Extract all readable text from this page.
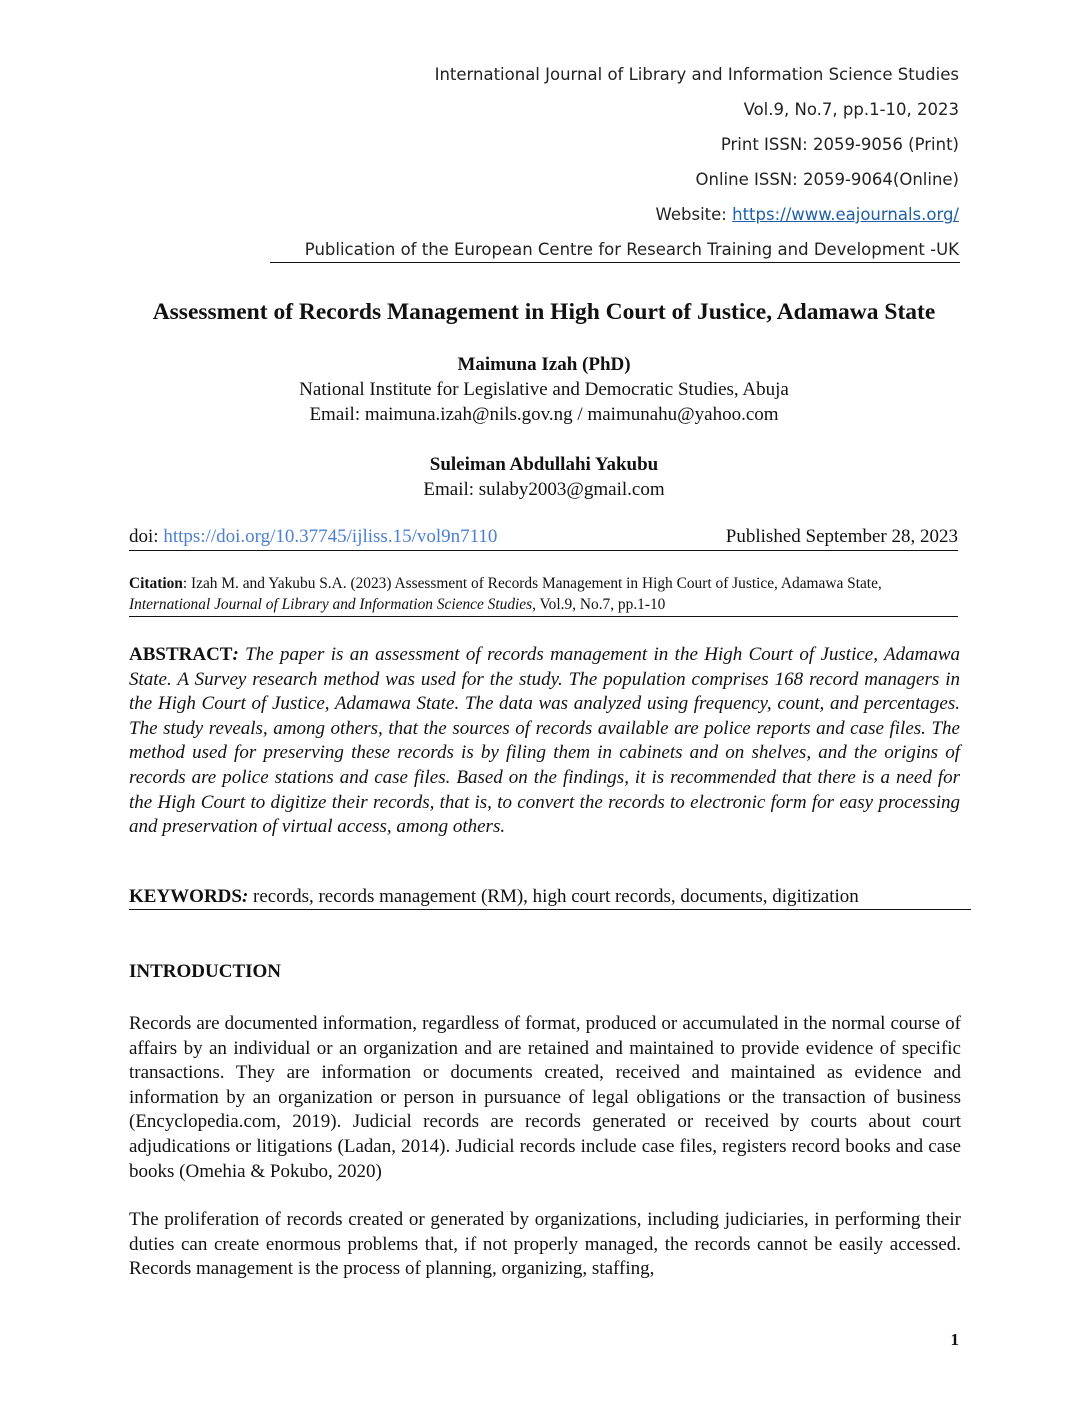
International Journal of Library and Information Science Studies
Vol.9, No.7, pp.1-10, 2023
Print ISSN: 2059-9056 (Print)
Online ISSN: 2059-9064(Online)
Website: https://www.eajournals.org/
Publication of the European Centre for Research Training and Development -UK
Assessment of Records Management in High Court of Justice, Adamawa State
Maimuna Izah (PhD)
National Institute for Legislative and Democratic Studies, Abuja
Email: maimuna.izah@nils.gov.ng / maimunahu@yahoo.com
Suleiman Abdullahi Yakubu
Email: sulaby2003@gmail.com
doi: https://doi.org/10.37745/ijliss.15/vol9n7110	Published September 28, 2023
Citation: Izah M. and Yakubu S.A. (2023) Assessment of Records Management in High Court of Justice, Adamawa State, International Journal of Library and Information Science Studies, Vol.9, No.7, pp.1-10
ABSTRACT: The paper is an assessment of records management in the High Court of Justice, Adamawa State. A Survey research method was used for the study. The population comprises 168 record managers in the High Court of Justice, Adamawa State. The data was analyzed using frequency, count, and percentages. The study reveals, among others, that the sources of records available are police reports and case files. The method used for preserving these records is by filing them in cabinets and on shelves, and the origins of records are police stations and case files. Based on the findings, it is recommended that there is a need for the High Court to digitize their records, that is, to convert the records to electronic form for easy processing and preservation of virtual access, among others.
KEYWORDS: records, records management (RM), high court records, documents, digitization
INTRODUCTION
Records are documented information, regardless of format, produced or accumulated in the normal course of affairs by an individual or an organization and are retained and maintained to provide evidence of specific transactions. They are information or documents created, received and maintained as evidence and information by an organization or person in pursuance of legal obligations or the transaction of business (Encyclopedia.com, 2019). Judicial records are records generated or received by courts about court adjudications or litigations (Ladan, 2014). Judicial records include case files, registers record books and case books (Omehia & Pokubo, 2020)
The proliferation of records created or generated by organizations, including judiciaries, in performing their duties can create enormous problems that, if not properly managed, the records cannot be easily accessed. Records management is the process of planning, organizing, staffing,
1
